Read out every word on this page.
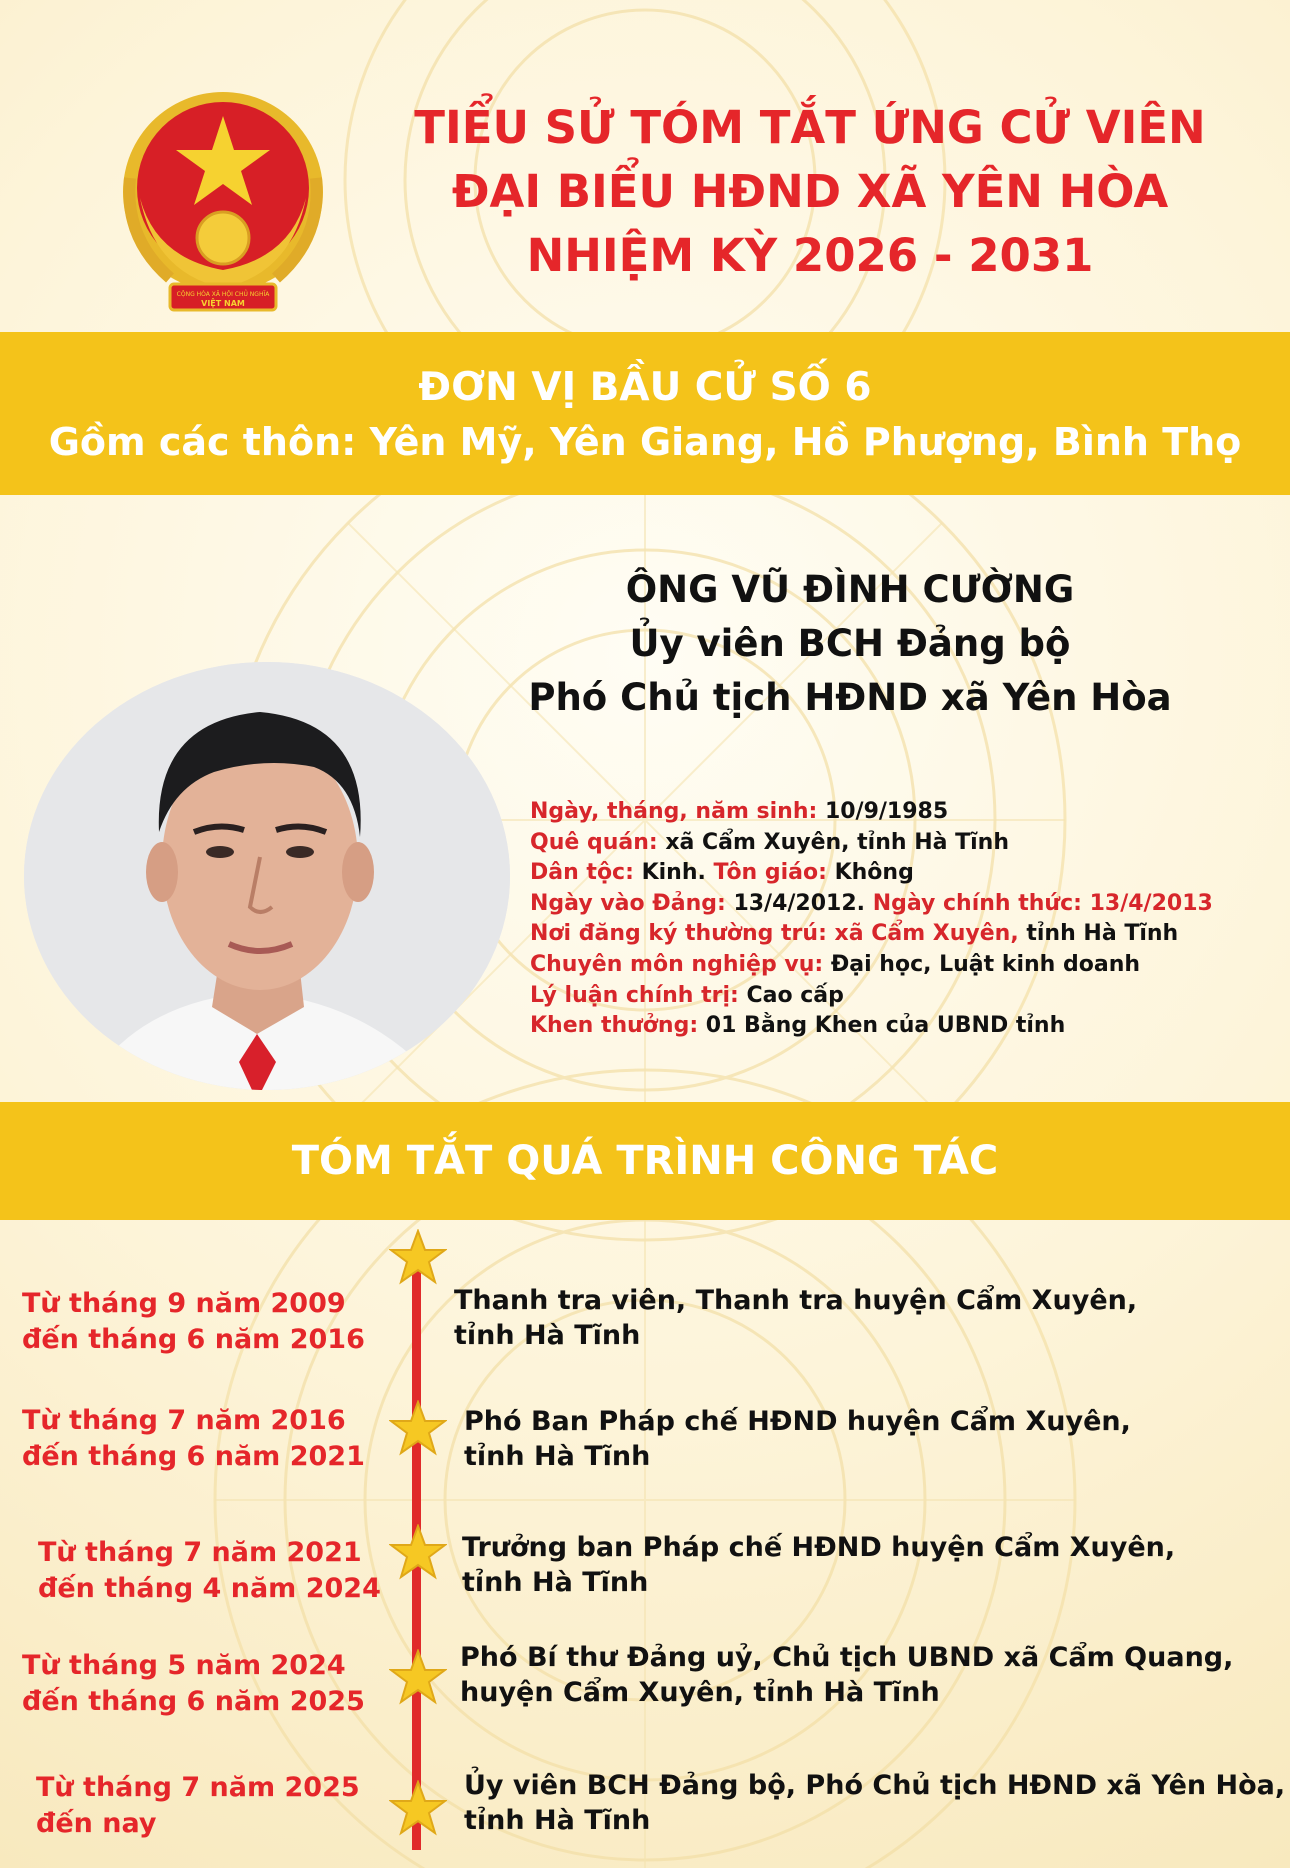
CỘNG HÒA XÃ HỘI CHỦ NGHĨA
VIỆT NAM
TIỂU SỬ TÓM TẮT ỨNG CỬ VIÊN
ĐẠI BIỂU HĐND XÃ YÊN HÒA
NHIỆM KỲ 2026 - 2031
ĐƠN VỊ BẦU CỬ SỐ 6
Gồm các thôn: Yên Mỹ, Yên Giang, Hồ Phượng, Bình Thọ
ÔNG VŨ ĐÌNH CƯỜNG
Ủy viên BCH Đảng bộ
Phó Chủ tịch HĐND xã Yên Hòa
Ngày, tháng, năm sinh: 10/9/1985
Quê quán: xã Cẩm Xuyên, tỉnh Hà Tĩnh
Dân tộc: Kinh. Tôn giáo: Không
Ngày vào Đảng: 13/4/2012. Ngày chính thức: 13/4/2013
Nơi đăng ký thường trú: xã Cẩm Xuyên, tỉnh Hà Tĩnh
Chuyên môn nghiệp vụ: Đại học, Luật kinh doanh
Lý luận chính trị: Cao cấp
Khen thưởng: 01 Bằng Khen của UBND tỉnh
TÓM TẮT QUÁ TRÌNH CÔNG TÁC
Từ tháng 9 năm 2009
đến tháng 6 năm 2016
Thanh tra viên, Thanh tra huyện Cẩm Xuyên,
tỉnh Hà Tĩnh
Từ tháng 7 năm 2016
đến tháng 6 năm 2021
Phó Ban Pháp chế HĐND huyện Cẩm Xuyên,
tỉnh Hà Tĩnh
Từ tháng 7 năm 2021
đến tháng 4 năm 2024
Trưởng ban Pháp chế HĐND huyện Cẩm Xuyên,
tỉnh Hà Tĩnh
Từ tháng 5 năm 2024
đến tháng 6 năm 2025
Phó Bí thư Đảng uỷ, Chủ tịch UBND xã Cẩm Quang,
huyện Cẩm Xuyên, tỉnh Hà Tĩnh
Từ tháng 7 năm 2025
đến nay
Ủy viên BCH Đảng bộ, Phó Chủ tịch HĐND xã Yên Hòa,
tỉnh Hà Tĩnh
